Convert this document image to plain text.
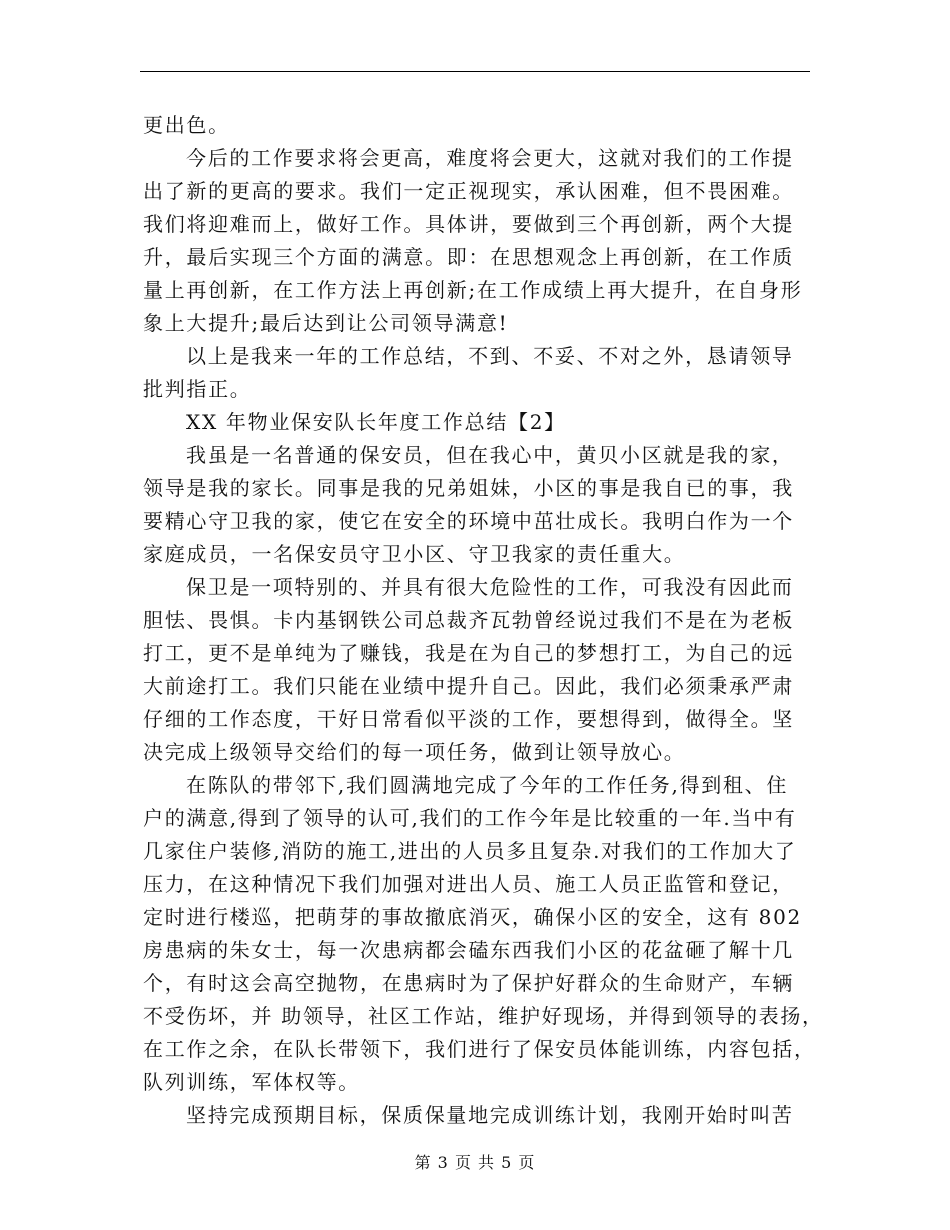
更出色。
今后的工作要求将会更高，难度将会更大，这就对我们的工作提
出了新的更高的要求。我们一定正视现实，承认困难，但不畏困难。
我们将迎难而上，做好工作。具体讲，要做到三个再创新，两个大提
升，最后实现三个方面的满意。即：在思想观念上再创新，在工作质
量上再创新，在工作方法上再创新;在工作成绩上再大提升，在自身形
象上大提升;最后达到让公司领导满意!
以上是我来一年的工作总结，不到、不妥、不对之外，恳请领导
批判指正。
XX 年物业保安队长年度工作总结【2】
我虽是一名普通的保安员，但在我心中，黄贝小区就是我的家，
领导是我的家长。同事是我的兄弟姐妹，小区的事是我自已的事，我
要精心守卫我的家，使它在安全的环境中茁壮成长。我明白作为一个
家庭成员，一名保安员守卫小区、守卫我家的责任重大。
保卫是一项特别的、并具有很大危险性的工作，可我没有因此而
胆怯、畏惧。卡内基钢铁公司总裁齐瓦勃曾经说过我们不是在为老板
打工，更不是单纯为了赚钱，我是在为自己的梦想打工，为自己的远
大前途打工。我们只能在业绩中提升自己。因此，我们必须秉承严肃
仔细的工作态度，干好日常看似平淡的工作，要想得到，做得全。坚
决完成上级领导交给们的每一项任务，做到让领导放心。
在陈队的带邻下,我们圆满地完成了今年的工作任务,得到租、住
户的满意,得到了领导的认可,我们的工作今年是比较重的一年.当中有
几家住户装修,消防的施工,进出的人员多且复杂.对我们的工作加大了
压力，在这种情况下我们加强对进出人员、施工人员正监管和登记，
定时进行楼巡，把萌芽的事故撤底消灭，确保小区的安全，这有 802
房患病的朱女士，每一次患病都会磕东西我们小区的花盆砸了解十几
个，有时这会高空抛物，在患病时为了保护好群众的生命财产，车辆
不受伤坏，并 助领导，社区工作站，维护好现场，并得到领导的表扬，
在工作之余，在队长带领下，我们进行了保安员体能训练，内容包括，
队列训练，军体权等。
坚持完成预期目标，保质保量地完成训练计划，我刚开始时叫苦
第 3 页 共 5 页
